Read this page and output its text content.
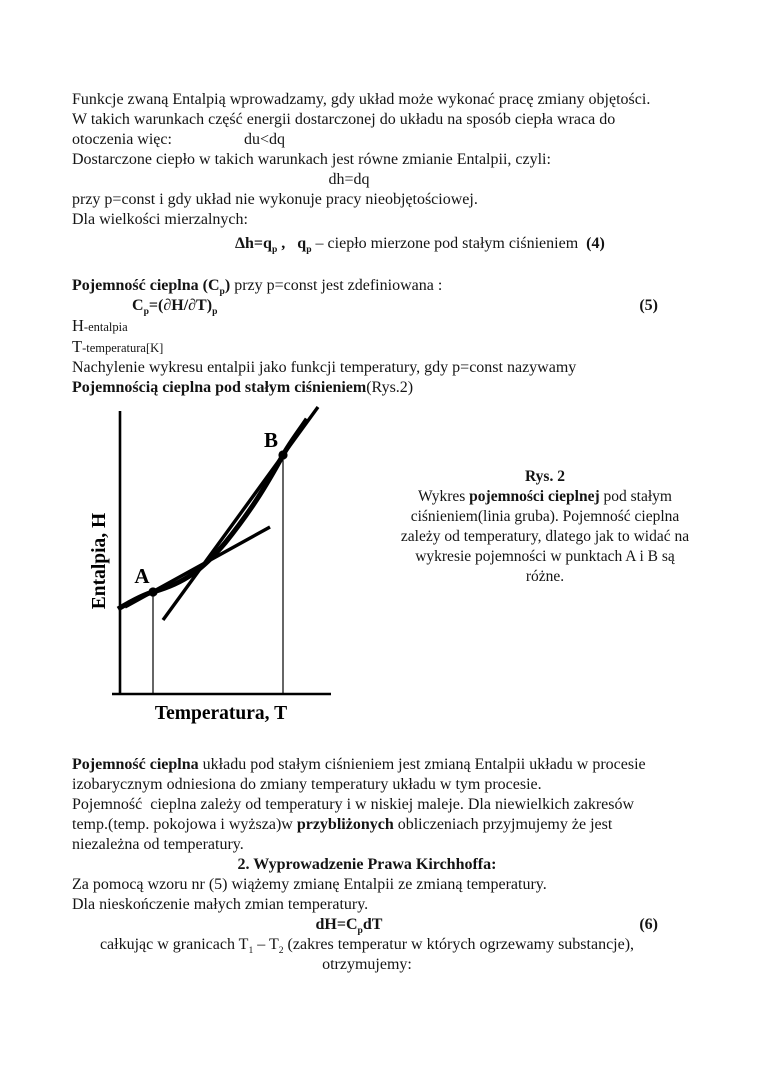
Funkcje zwaną Entalpią wprowadzamy, gdy układ może wykonać pracę zmiany objętości.
W takich warunkach część energii dostarczonej do układu na sposób ciepła wraca do
otoczenia więc:	du<dq
Dostarczone ciepło w takich warunkach jest równe zmianie Entalpii, czyli:
dh=dq
przy p=const i gdy układ nie wykonuje pracy nieobjętościowej.
Dla wielkości mierzalnych:
$\Delta h=q_p$ ,   $q_p$ – ciepło mierzone pod stałym ciśnieniem  (4)
Pojemność cieplna $(C_p)$ przy p=const jest zdefiniowana :
$C_p=(\partial H/\partial T)_p$	(5)
H-entalpia
T-temperatura[K]
Nachylenie wykresu entalpii jako funkcji temperatury, gdy p=const nazywamy
Pojemnością cieplna pod stałym ciśnieniem(Rys.2)
A
B
Entalpia, H
Temperatura, T
Rys. 2
Wykres pojemności cieplnej pod stałym
ciśnieniem(linia gruba). Pojemność cieplna
zależy od temperatury, dlatego jak to widać na
wykresie pojemności w punktach A i B są
różne.
Pojemność cieplna układu pod stałym ciśnieniem jest zmianą Entalpii układu w procesie
izobarycznym odniesiona do zmiany temperatury układu w tym procesie.
Pojemność  cieplna zależy od temperatury i w niskiej maleje. Dla niewielkich zakresów
temp.(temp. pokojowa i wyższa)w przybliżonych obliczeniach przyjmujemy że jest
niezależna od temperatury.
2. Wyprowadzenie Prawa Kirchhoffa:
Za pomocą wzoru nr (5) wiążemy zmianę Entalpii ze zmianą temperatury.
Dla nieskończenie małych zmian temperatury.
$dH=C_pdT$	(6)
całkując w granicach $T_1 - T_2$ (zakres temperatur w których ogrzewamy substancje),
otrzymujemy:
